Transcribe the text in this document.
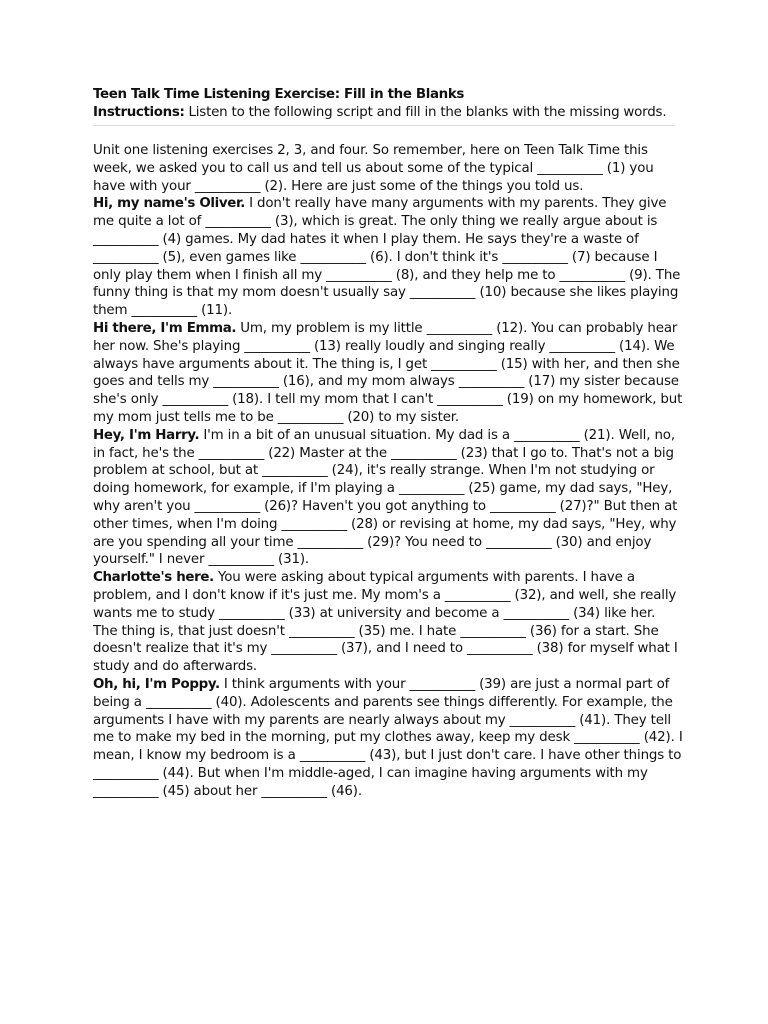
Teen Talk Time Listening Exercise: Fill in the Blanks
Instructions: Listen to the following script and fill in the blanks with the missing words.

Unit one listening exercises 2, 3, and four. So remember, here on Teen Talk Time this week, we asked you to call us and tell us about some of the typical __________ (1) you have with your __________ (2). Here are just some of the things you told us.

Hi, my name's Oliver. I don't really have many arguments with my parents. They give me quite a lot of __________ (3), which is great. The only thing we really argue about is __________ (4) games. My dad hates it when I play them. He says they're a waste of __________ (5), even games like __________ (6). I don't think it's __________ (7) because I only play them when I finish all my __________ (8), and they help me to __________ (9). The funny thing is that my mom doesn't usually say __________ (10) because she likes playing them __________ (11).

Hi there, I'm Emma. Um, my problem is my little __________ (12). You can probably hear her now. She's playing __________ (13) really loudly and singing really __________ (14). We always have arguments about it. The thing is, I get __________ (15) with her, and then she goes and tells my __________ (16), and my mom always __________ (17) my sister because she's only __________ (18). I tell my mom that I can't __________ (19) on my homework, but my mom just tells me to be __________ (20) to my sister.

Hey, I'm Harry. I'm in a bit of an unusual situation. My dad is a __________ (21). Well, no, in fact, he's the __________ (22) Master at the __________ (23) that I go to. That's not a big problem at school, but at __________ (24), it's really strange. When I'm not studying or doing homework, for example, if I'm playing a __________ (25) game, my dad says, "Hey, why aren't you __________ (26)? Haven't you got anything to __________ (27)?" But then at other times, when I'm doing __________ (28) or revising at home, my dad says, "Hey, why are you spending all your time __________ (29)? You need to __________ (30) and enjoy yourself." I never __________ (31).

Charlotte's here. You were asking about typical arguments with parents. I have a problem, and I don't know if it's just me. My mom's a __________ (32), and well, she really wants me to study __________ (33) at university and become a __________ (34) like her. The thing is, that just doesn't __________ (35) me. I hate __________ (36) for a start. She doesn't realize that it's my __________ (37), and I need to __________ (38) for myself what I study and do afterwards.

Oh, hi, I'm Poppy. I think arguments with your __________ (39) are just a normal part of being a __________ (40). Adolescents and parents see things differently. For example, the arguments I have with my parents are nearly always about my __________ (41). They tell me to make my bed in the morning, put my clothes away, keep my desk __________ (42). I mean, I know my bedroom is a __________ (43), but I just don't care. I have other things to __________ (44). But when I'm middle-aged, I can imagine having arguments with my __________ (45) about her __________ (46).
